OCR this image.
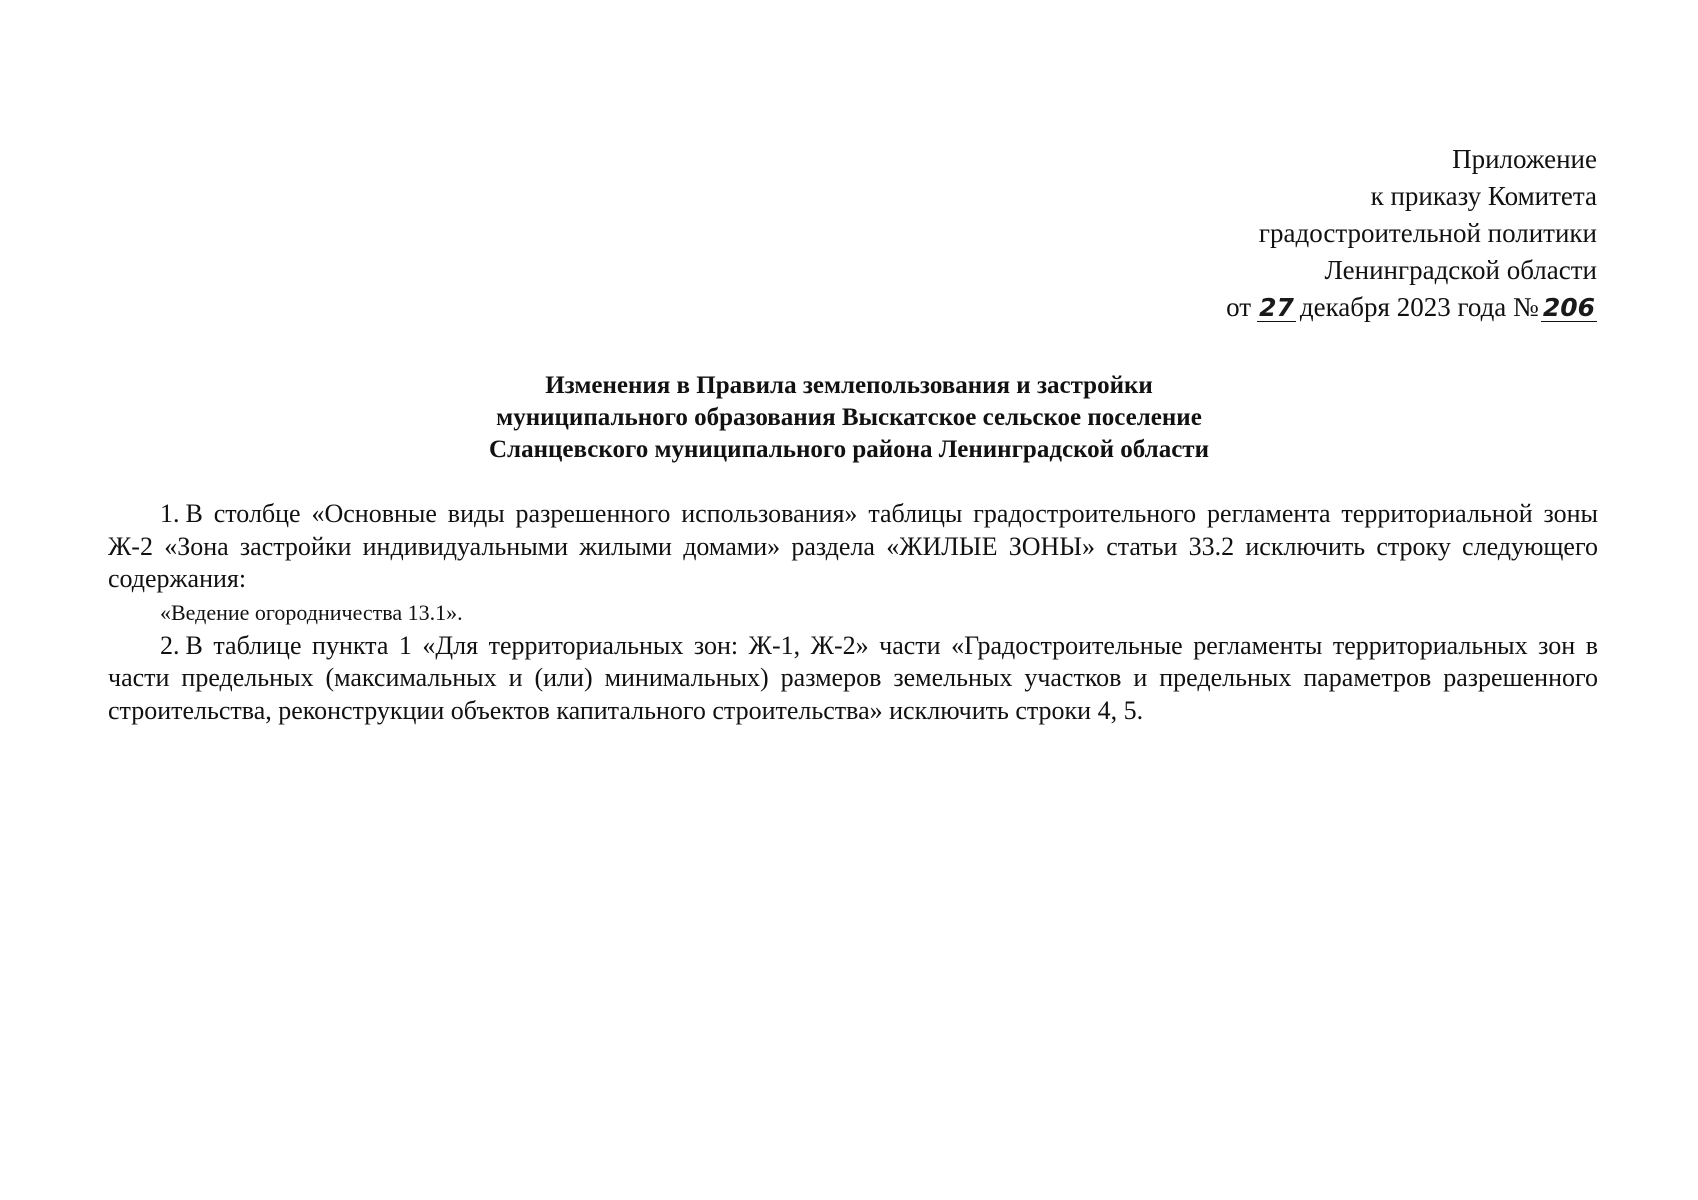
Приложение
к приказу Комитета
градостроительной политики
Ленинградской области
от 27 декабря 2023 года № 206
Изменения в Правила землепользования и застройки
муниципального образования Выскатское сельское поселение
Сланцевского муниципального района Ленинградской области

1. В столбце «Основные виды разрешенного использования» таблицы градостроительного регламента территориальной зоны Ж-2 «Зона застройки индивидуальными жилыми домами» раздела «ЖИЛЫЕ ЗОНЫ» статьи 33.2 исключить строку следующего содержания:

«Ведение огородничества 13.1».

2. В таблице пункта 1 «Для территориальных зон: Ж-1, Ж-2» части «Градостроительные регламенты территориальных зон в части предельных (максимальных и (или) минимальных) размеров земельных участков и предельных параметров разрешенного строительства, реконструкции объектов капитального строительства» исключить строки 4, 5.
